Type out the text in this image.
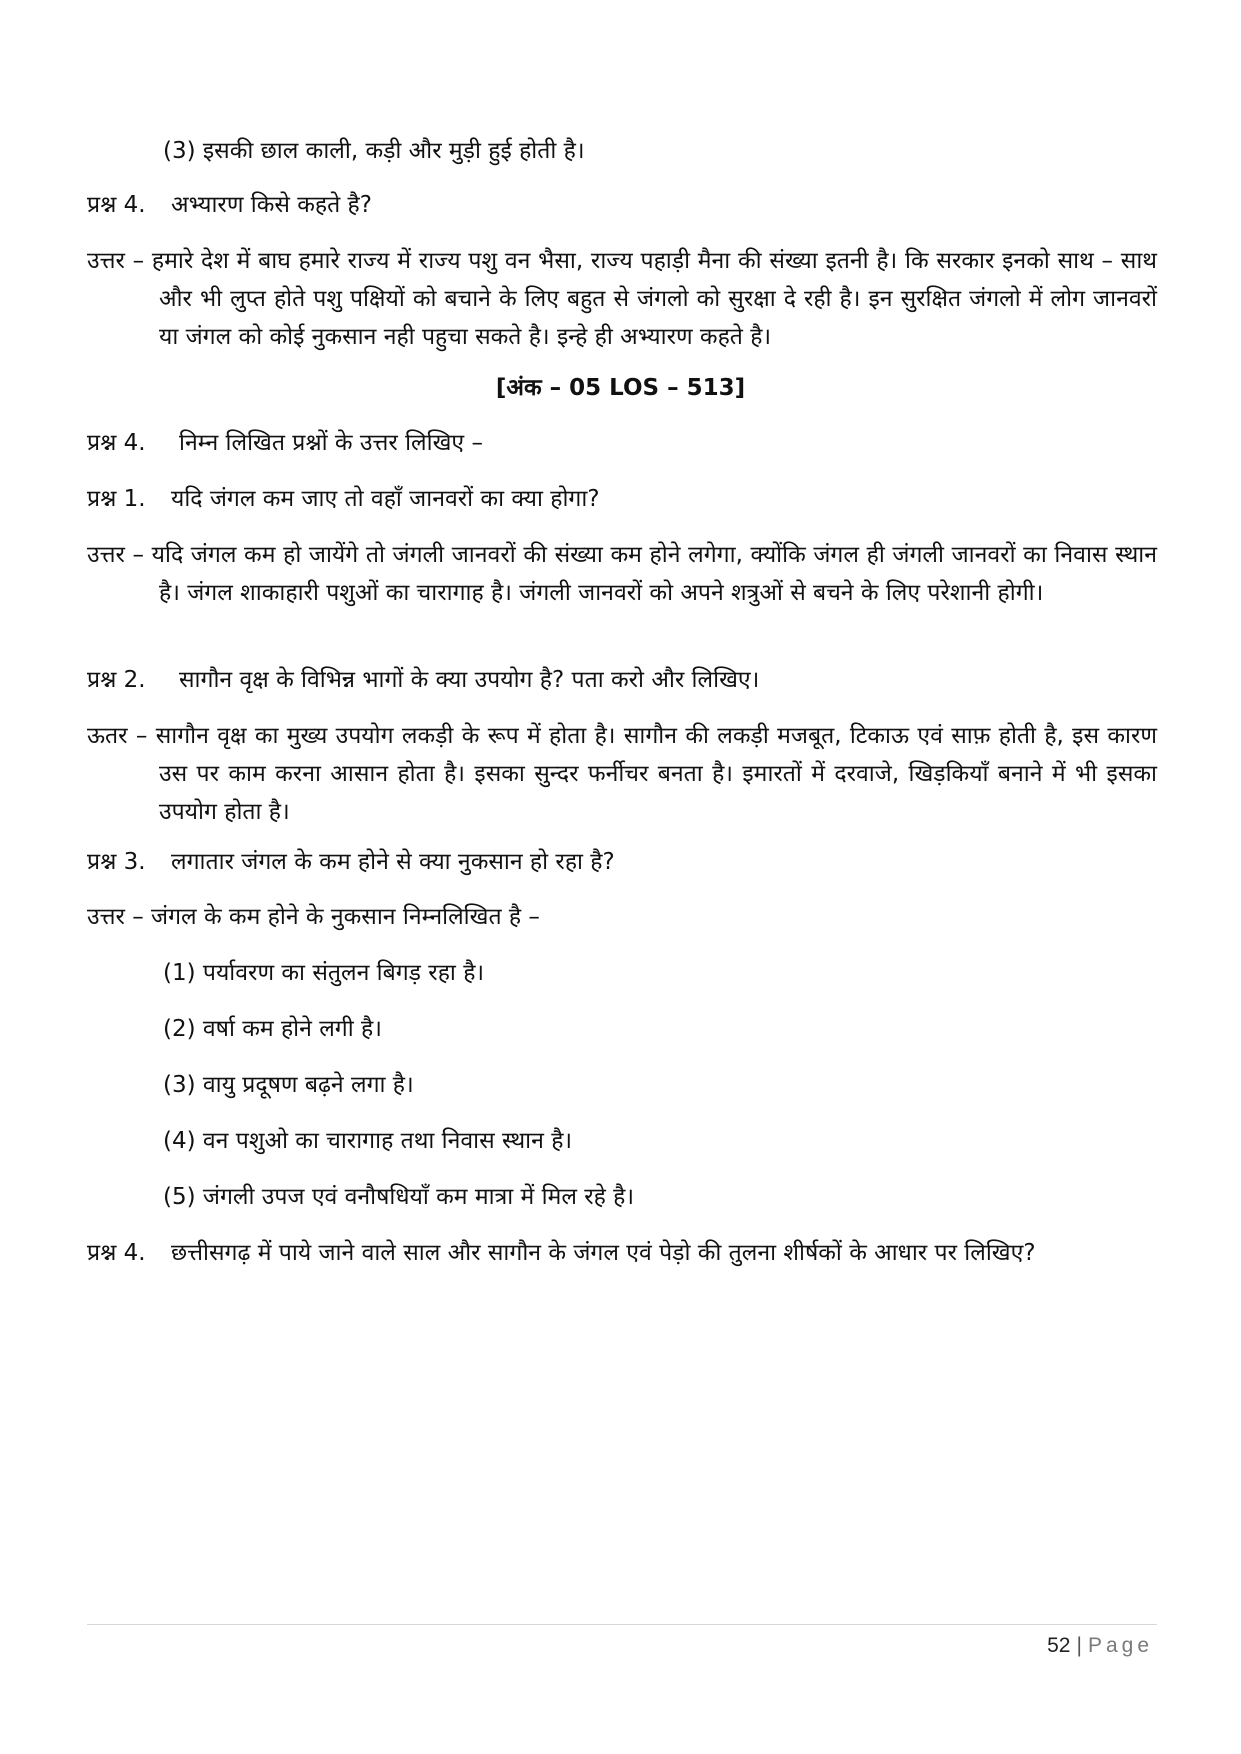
(3) इसकी छाल काली, कड़ी और मुड़ी हुई होती है।
प्रश्न 4. अभ्यारण किसे कहते है?
उत्तर – हमारे देश में बाघ हमारे राज्य में राज्य पशु वन भैसा, राज्य पहाड़ी मैना की संख्या इतनी है। कि सरकार इनको साथ – साथ और भी लुप्त होते पशु पक्षियों को बचाने के लिए बहुत से जंगलो को सुरक्षा दे रही है। इन सुरक्षित जंगलो में लोग जानवरों या जंगल को कोई नुकसान नही पहुचा सकते है। इन्हे ही अभ्यारण कहते है।
[अंक – 05 LOS – 513]
प्रश्न 4. निम्न लिखित प्रश्नों के उत्तर लिखिए –
प्रश्न 1. यदि जंगल कम जाए तो वहाँ जानवरों का क्या होगा?
उत्तर – यदि जंगल कम हो जायेंगे तो जंगली जानवरों की संख्या कम होने लगेगा, क्योंकि जंगल ही जंगली जानवरों का निवास स्थान है। जंगल शाकाहारी पशुओं का चारागाह है। जंगली जानवरों को अपने शत्रुओं से बचने के लिए परेशानी होगी।
प्रश्न 2. सागौन वृक्ष के विभिन्न भागों के क्या उपयोग है? पता करो और लिखिए।
ऊतर – सागौन वृक्ष का मुख्य उपयोग लकड़ी के रूप में होता है। सागौन की लकड़ी मजबूत, टिकाऊ एवं साफ़ होती है, इस कारण उस पर काम करना आसान होता है। इसका सुन्दर फर्नीचर बनता है। इमारतों में दरवाजे, खिड़कियाँ बनाने में भी इसका उपयोग होता है।
प्रश्न 3. लगातार जंगल के कम होने से क्या नुकसान हो रहा है?
उत्तर – जंगल के कम होने के नुकसान निम्नलिखित है –
(1) पर्यावरण का संतुलन बिगड़ रहा है।
(2) वर्षा कम होने लगी है।
(3) वायु प्रदूषण बढ़ने लगा है।
(4) वन पशुओ का चारागाह तथा निवास स्थान है।
(5) जंगली उपज एवं वनौषधियाँ कम मात्रा में मिल रहे है।
प्रश्न 4. छत्तीसगढ़ में पाये जाने वाले साल और सागौन के जंगल एवं पेड़ो की तुलना शीर्षकों के आधार पर लिखिए?
52 | Page
